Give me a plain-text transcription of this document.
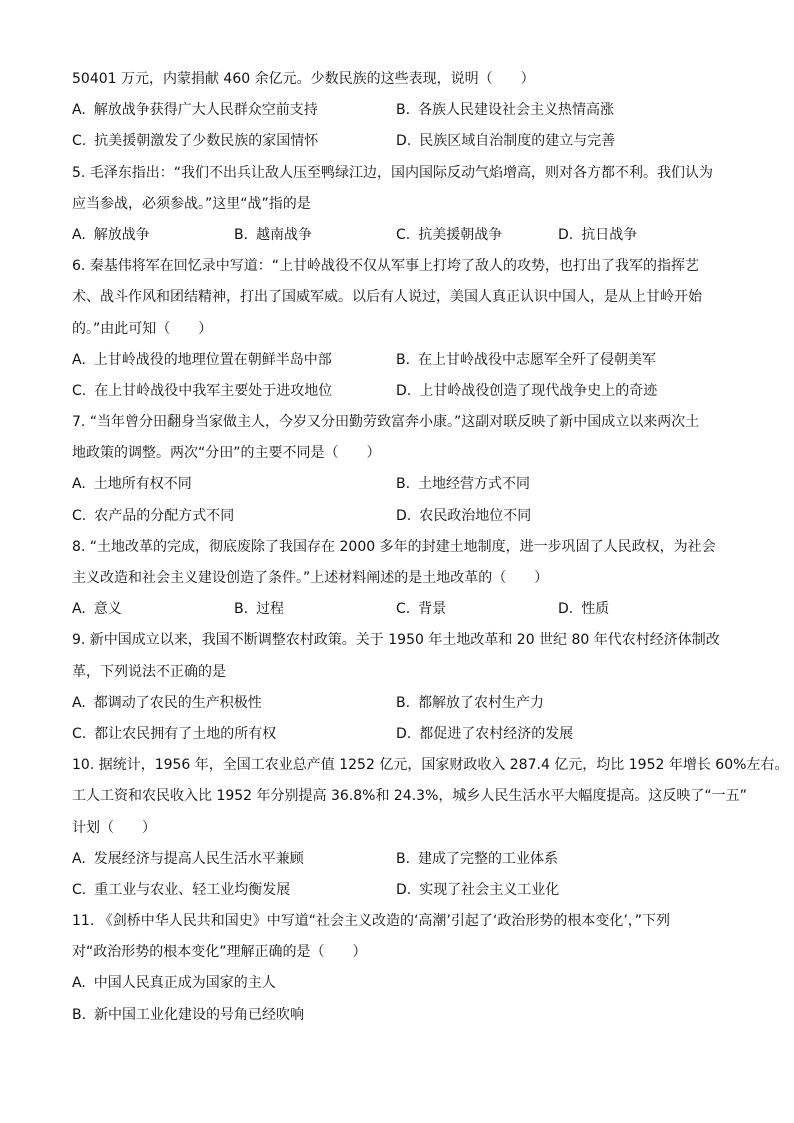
50401 万元，内蒙捐献 460 余亿元。少数民族的这些表现，说明（　　）
A. 解放战争获得广大人民群众空前支持	B. 各族人民建设社会主义热情高涨
C. 抗美援朝激发了少数民族的家国情怀	D. 民族区域自治制度的建立与完善
5. 毛泽东指出：“我们不出兵让敌人压至鸭绿江边，国内国际反动气焰增高，则对各方都不利。我们认为
应当参战，必须参战。”这里“战”指的是
A. 解放战争	B. 越南战争	C. 抗美援朝战争	D. 抗日战争
6. 秦基伟将军在回忆录中写道：“上甘岭战役不仅从军事上打垮了敌人的攻势，也打出了我军的指挥艺
术、战斗作风和团结精神，打出了国威军威。以后有人说过，美国人真正认识中国人，是从上甘岭开始
的。”由此可知（　　）
A. 上甘岭战役的地理位置在朝鲜半岛中部	B. 在上甘岭战役中志愿军全歼了侵朝美军
C. 在上甘岭战役中我军主要处于进攻地位	D. 上甘岭战役创造了现代战争史上的奇迹
7. “当年曾分田翻身当家做主人，今岁又分田勤劳致富奔小康。”这副对联反映了新中国成立以来两次土
地政策的调整。两次“分田”的主要不同是（　　）
A. 土地所有权不同	B. 土地经营方式不同
C. 农产品的分配方式不同	D. 农民政治地位不同
8. “土地改革的完成，彻底废除了我国存在 2000 多年的封建土地制度，进一步巩固了人民政权，为社会
主义改造和社会主义建设创造了条件。”上述材料阐述的是土地改革的（　　）
A. 意义	B. 过程	C. 背景	D. 性质
9. 新中国成立以来，我国不断调整农村政策。关于 1950 年土地改革和 20 世纪 80 年代农村经济体制改
革，下列说法不正确的是
A. 都调动了农民的生产积极性	B. 都解放了农村生产力
C. 都让农民拥有了土地的所有权	D. 都促进了农村经济的发展
10. 据统计，1956 年，全国工农业总产值 1252 亿元，国家财政收入 287.4 亿元，均比 1952 年增长 60%左右。
工人工资和农民收入比 1952 年分别提高 36.8%和 24.3%，城乡人民生活水平大幅度提高。这反映了“一五”
计划（　　）
A. 发展经济与提高人民生活水平兼顾	B. 建成了完整的工业体系
C. 重工业与农业、轻工业均衡发展	D. 实现了社会主义工业化
11. 《剑桥中华人民共和国史》中写道“社会主义改造的‘高潮’引起了‘政治形势的根本变化’，”下列
对“政治形势的根本变化”理解正确的是（　　）
A. 中国人民真正成为国家的主人
B. 新中国工业化建设的号角已经吹响
